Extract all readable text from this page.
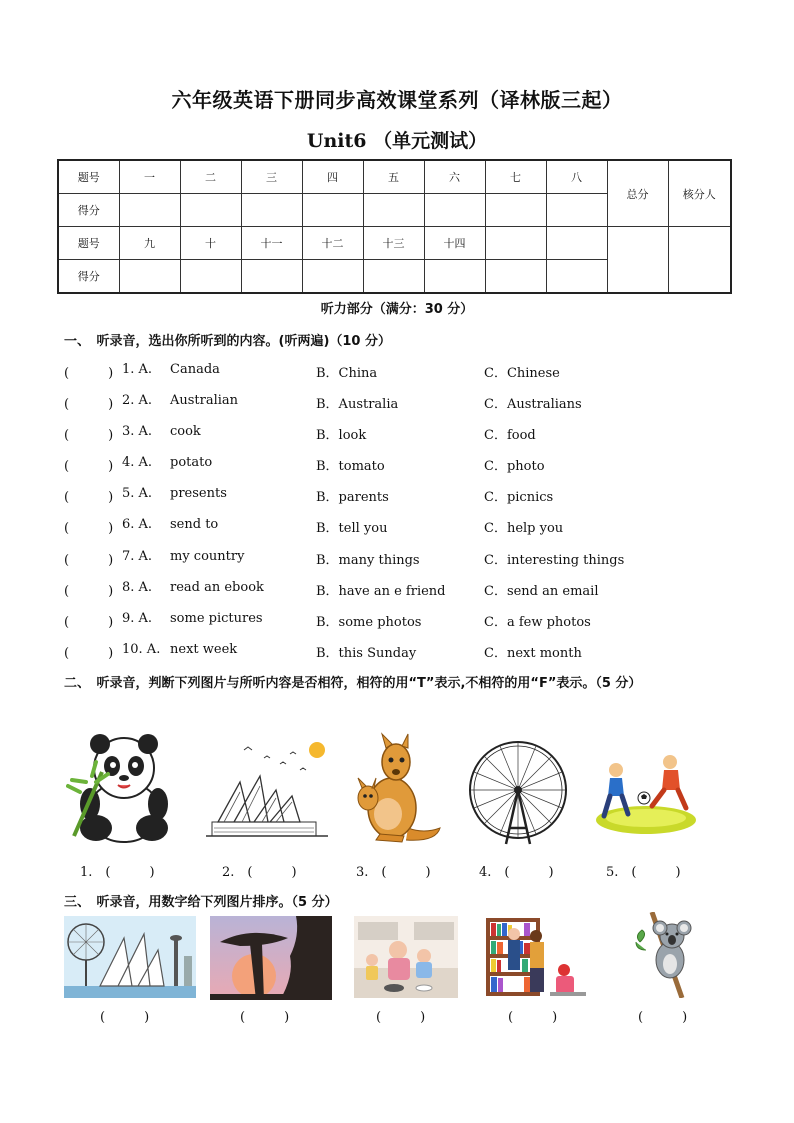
六年级英语下册同步高效课堂系列（译林版三起）
Unit6 （单元测试）
题号	一	二	三	四	五	六	七	八	总分	核分人
得分										
题号	九	十	十一	十二	十三	十四				
得分										
听力部分（满分：30 分）
一、　听录音，选出你所听到的内容。(听两遍)（10 分）
(　　　) 1. A. Canada	B．China	C．Chinese
(　　　) 2. A. Australian	B．Australia	C．Australians
(　　　) 3. A. cook	B．look	C．food
(　　　) 4. A. potato	B．tomato	C．photo
(　　　) 5. A. presents	B．parents	C．picnics
(　　　) 6. A. send to	B．tell you	C．help you
(　　　) 7. A. my country	B．many things	C．interesting things
(　　　) 8. A. read an ebook	B．have an e friend	C．send an email
(　　　) 9. A. some pictures	B．some photos	C．a few photos
(　　　) 10. A. next week	B．this Sunday	C．next month
二、　听录音，判断下列图片与所听内容是否相符，相符的用“T”表示,不相符的用“F”表示。（5 分）
1.　(　　　)	2.　(　　　)	3.　(　　　)	4.　(　　　)	5.　(　　　)
三、　听录音，用数字给下列图片排序。（5 分）
(　　　)	(　　　)	(　　　)	(　　　)	(　　　)
